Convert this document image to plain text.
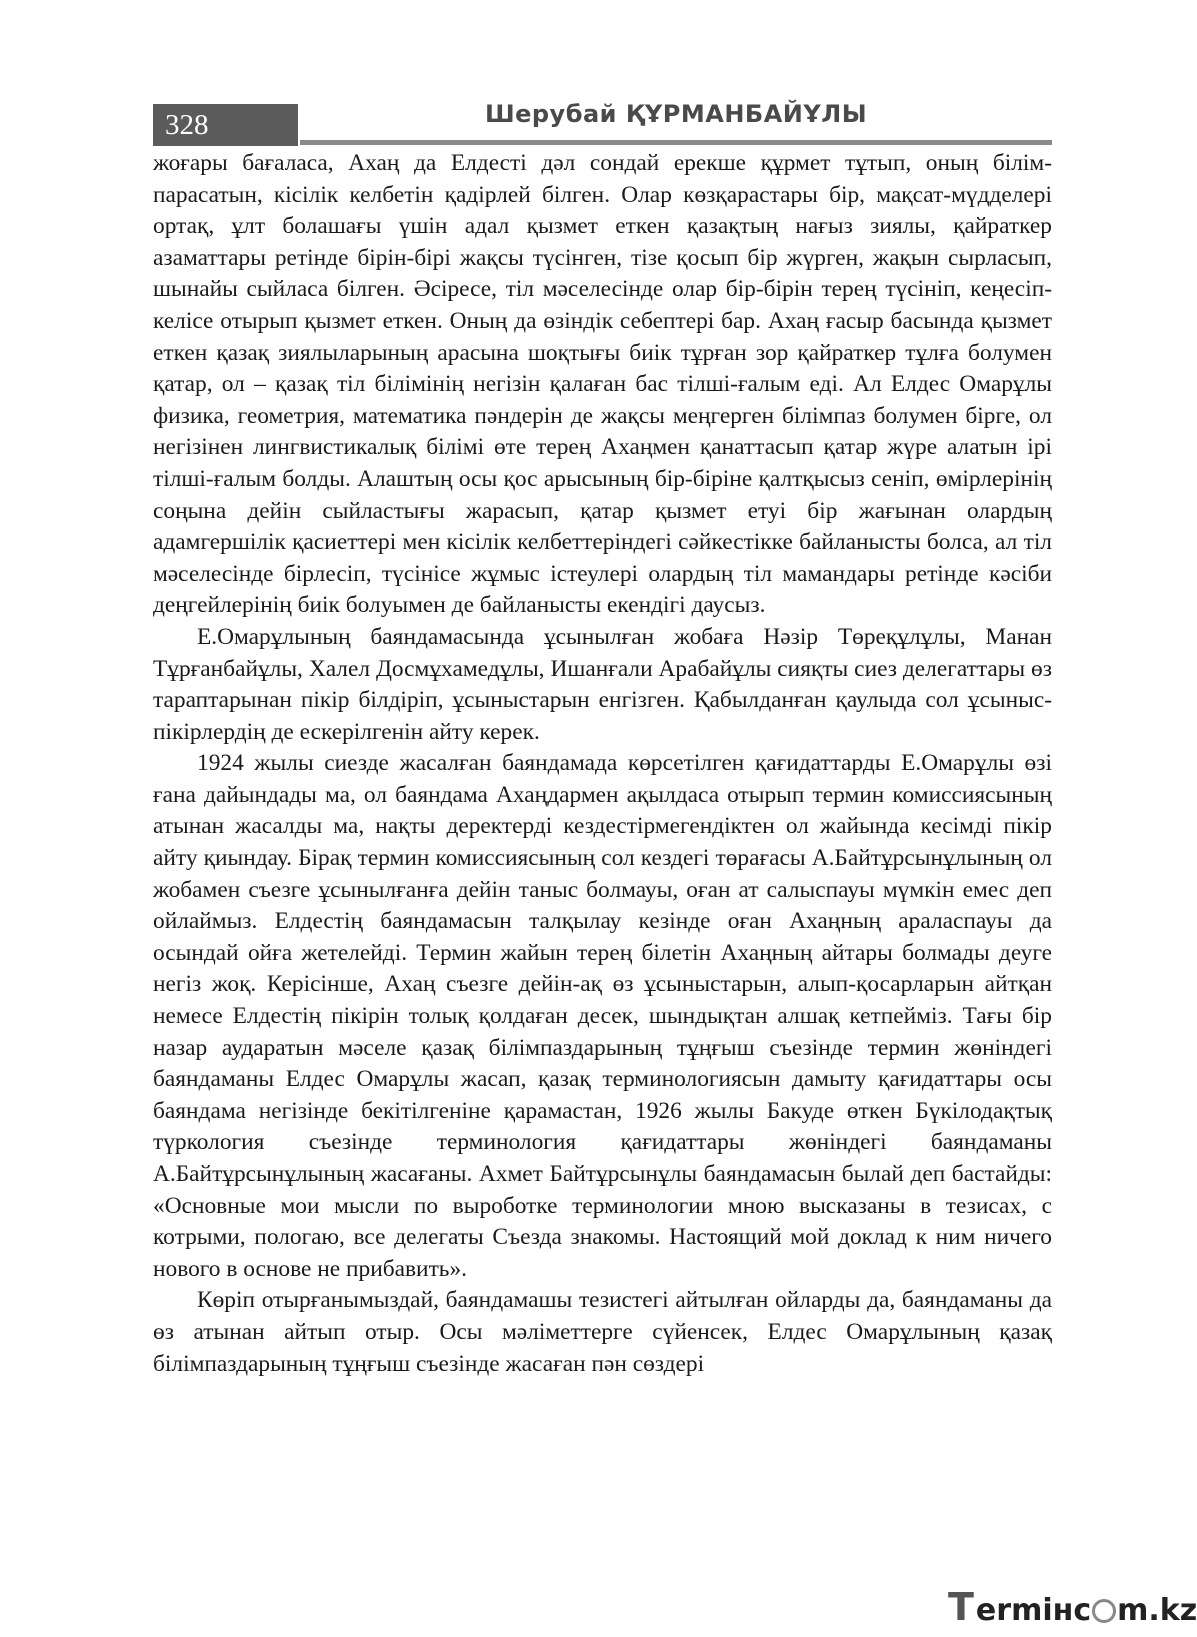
328	Шерубай ҚҰРМАНБАЙҰЛЫ

жоғары бағаласа, Ахаң да Елдесті дәл сондай ерекше құрмет тұтып, оның білім-парасатын, кісілік келбетін қадірлей білген. Олар көзқарастары бір, мақсат-мүдделері ортақ, ұлт болашағы үшін адал қызмет еткен қазақтың нағыз зиялы, қайраткер азаматтары ретінде бірін-бірі жақсы түсінген, тізе қосып бір жүрген, жақын сырласып, шынайы сыйласа білген. Әсіресе, тіл мәселесінде олар бір-бірін терең түсініп, кеңесіп-келісе отырып қызмет еткен. Оның да өзіндік себептері бар. Ахаң ғасыр басында қызмет еткен қазақ зиялыларының арасына шоқтығы биік тұрған зор қайраткер тұлға болумен қатар, ол – қазақ тіл білімінің негізін қалаған бас тілші-ғалым еді. Ал Елдес Омарұлы физика, геометрия, математика пәндерін де жақсы меңгерген білімпаз болумен бірге, ол негізінен лингвистикалық білімі өте терең Ахаңмен қанаттасып қатар жүре алатын ірі тілші-ғалым болды. Алаштың осы қос арысының бір-біріне қалтқысыз сеніп, өмірлерінің соңына дейін сыйластығы жарасып, қатар қызмет етуі бір жағынан олардың адамгершілік қасиеттері мен кісілік келбеттеріндегі сәйкестікке байланысты болса, ал тіл мәселесінде бірлесіп, түсінісе жұмыс істеулері олардың тіл мамандары ретінде кәсіби деңгейлерінің биік болуымен де байланысты екендігі даусыз.

Е.Омарұлының баяндамасында ұсынылған жобаға Нәзір Төреқұлұлы, Манан Тұрғанбайұлы, Халел Досмұхамедұлы, Ишанғали Арабайұлы сияқты сиез делегаттары өз тараптарынан пікір білдіріп, ұсыныстарын енгізген. Қабылданған қаулыда сол ұсыныс-пікірлердің де ескерілгенін айту керек.

1924 жылы сиезде жасалған баяндамада көрсетілген қағидаттарды Е.Омарұлы өзі ғана дайындады ма, ол баяндама Ахаңдармен ақылдаса отырып термин комиссиясының атынан жасалды ма, нақты деректерді кездестірмегендіктен ол жайында кесімді пікір айту қиындау. Бірақ термин комиссиясының сол кездегі төрағасы А.Байтұрсынұлының ол жобамен съезге ұсынылғанға дейін таныс болмауы, оған ат салыспауы мүмкін емес деп ойлаймыз. Елдестің баяндамасын талқылау кезінде оған Ахаңның араласпауы да осындай ойға жетелейді. Термин жайын терең білетін Ахаңның айтары болмады деуге негіз жоқ. Керісінше, Ахаң съезге дейін-ақ өз ұсыныстарын, алып-қосарларын айтқан немесе Елдестің пікірін толық қолдаған десек, шындықтан алшақ кетпейміз. Тағы бір назар аударатын мәселе қазақ білімпаздарының тұңғыш съезінде термин жөніндегі баяндаманы Елдес Омарұлы жасап, қазақ терминологиясын дамыту қағидаттары осы баяндама негізінде бекітілгеніне қарамастан, 1926 жылы Бакуде өткен Бүкілодақтық түркология съезінде терминология қағидаттары жөніндегі баяндаманы А.Байтұрсынұлының жасағаны. Ахмет Байтұрсынұлы баяндамасын былай деп бастайды: «Основные мои мысли по выроботке терминологии мною высказаны в тезисах, с котрыми, пологаю, все делегаты Съезда знакомы. Настоящий мой доклад к ним ничего нового в основе не прибавить».

Көріп отырғанымыздай, баяндамашы тезистегі айтылған ойларды да, баяндаманы да өз атынан айтып отыр. Осы мәліметтерге сүйенсек, Елдес Омарұлының қазақ білімпаздарының тұңғыш съезінде жасаған пән сөздері

Termінc m.kz
